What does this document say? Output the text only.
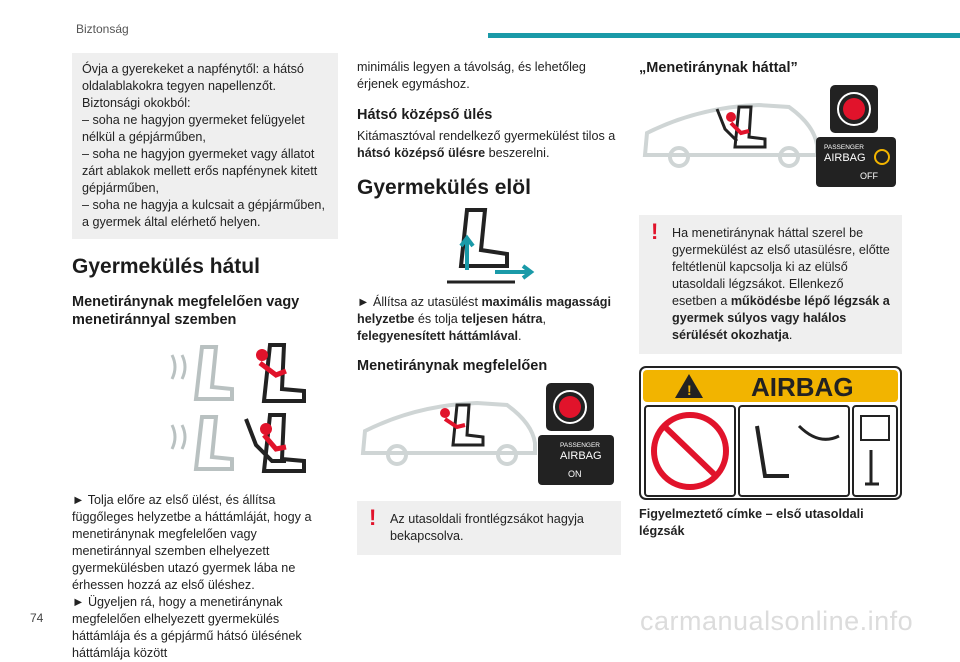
Biztonság
74	carmanualsonline.info

Óvja a gyerekeket a napfénytől: a hátsó oldalablakokra tegyen napellenzőt.

Biztonsági okokból:

– soha ne hagyjon gyermeket felügyelet nélkül a gépjárműben,

– soha ne hagyjon gyermeket vagy állatot zárt ablakok mellett erős napfénynek kitett gépjárműben,

– soha ne hagyja a kulcsait a gépjárműben, a gyermek által elérhető helyen.

Gyermekülés hátul
Menetiránynak megfelelően vagy menetiránnyal szemben

► Tolja előre az első ülést, és állítsa függőleges helyzetbe a háttámláját, hogy a menetiránynak megfelelően vagy menetiránnyal szemben elhelyezett gyermekülésben utazó gyermek lába ne érhessen hozzá az első üléshez.

► Ügyeljen rá, hogy a menetiránynak megfelelően elhelyezett gyermekülés háttámlája és a gépjármű hátsó ülésének háttámlája között

minimális legyen a távolság, és lehetőleg érjenek egymáshoz.

Hátsó középső ülés

Kitámasztóval rendelkező gyermekülést tilos a hátsó középső ülésre beszerelni.

Gyermekülés elöl

► Állítsa az utasülést maximális magassági helyzetbe és tolja teljesen hátra, felegyenesített háttámlával.

Menetiránynak megfelelően
PASSENGER
AIRBAG
ON
! Az utasoldali frontlégzsákot hagyja bekapcsolva.
„Menetiránynak háttal”
PASSENGER
AIRBAG
OFF
! Ha menetiránynak háttal szerel be gyermekülést az első utasülésre, előtte feltétlenül kapcsolja ki az elülső utasoldali légzsákot. Ellenkező esetben a működésbe lépő légzsák a gyermek súlyos vagy halálos sérülését okozhatja.
! AIRBAG
Figyelmeztető címke – első utasoldali légzsák
